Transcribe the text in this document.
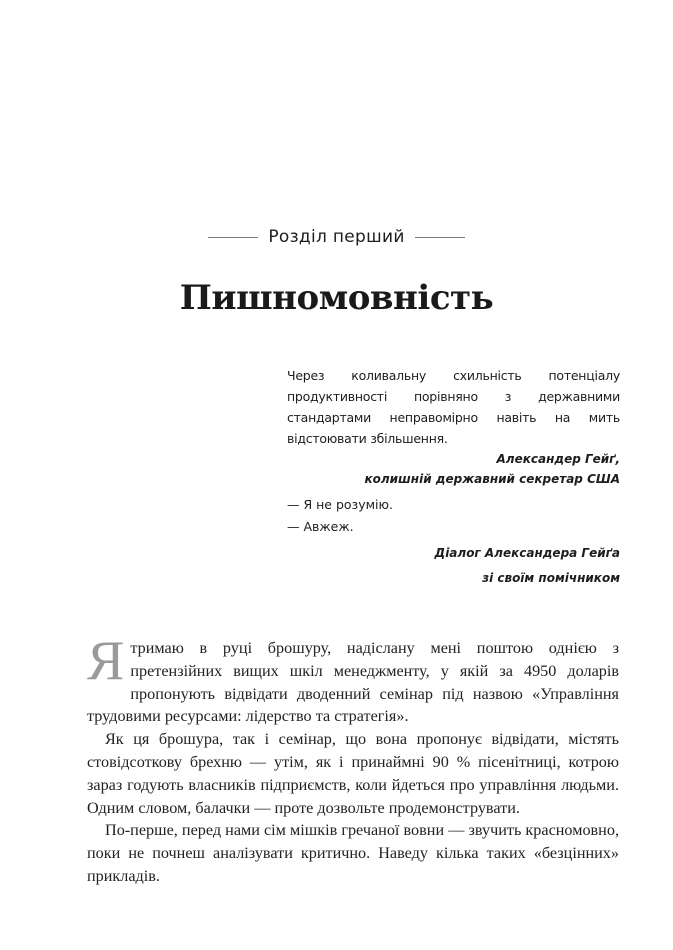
Розділ перший
Пишномовність
Через коливальну схильність потенціалу продуктивності порівняно з державними стандартами неправомірно навіть на мить відстоювати збільшення.
Александер Гейґ,
колишній державний секретар США
— Я не розумію.
— Авжеж.
Діалог Александера Гейґа
зі своїм помічником

Я тримаю в руці брошуру, надіслану мені поштою однією з претензійних вищих шкіл менеджменту, у якій за 4950 доларів пропонують відвідати дводенний семінар під назвою «Управління трудовими ресурсами: лідерство та стратегія».

Як ця брошура, так і семінар, що вона пропонує відвідати, містять стовідсоткову брехню — утім, як і принаймні 90 % пісенітниці, котрою зараз годують власників підприємств, коли йдеться про управління людьми. Одним словом, балачки — проте дозвольте продемонструвати.

По-перше, перед нами сім мішків гречаної вовни — звучить красномовно, поки не почнеш аналізувати критично. Наведу кілька таких «безцінних» прикладів.
